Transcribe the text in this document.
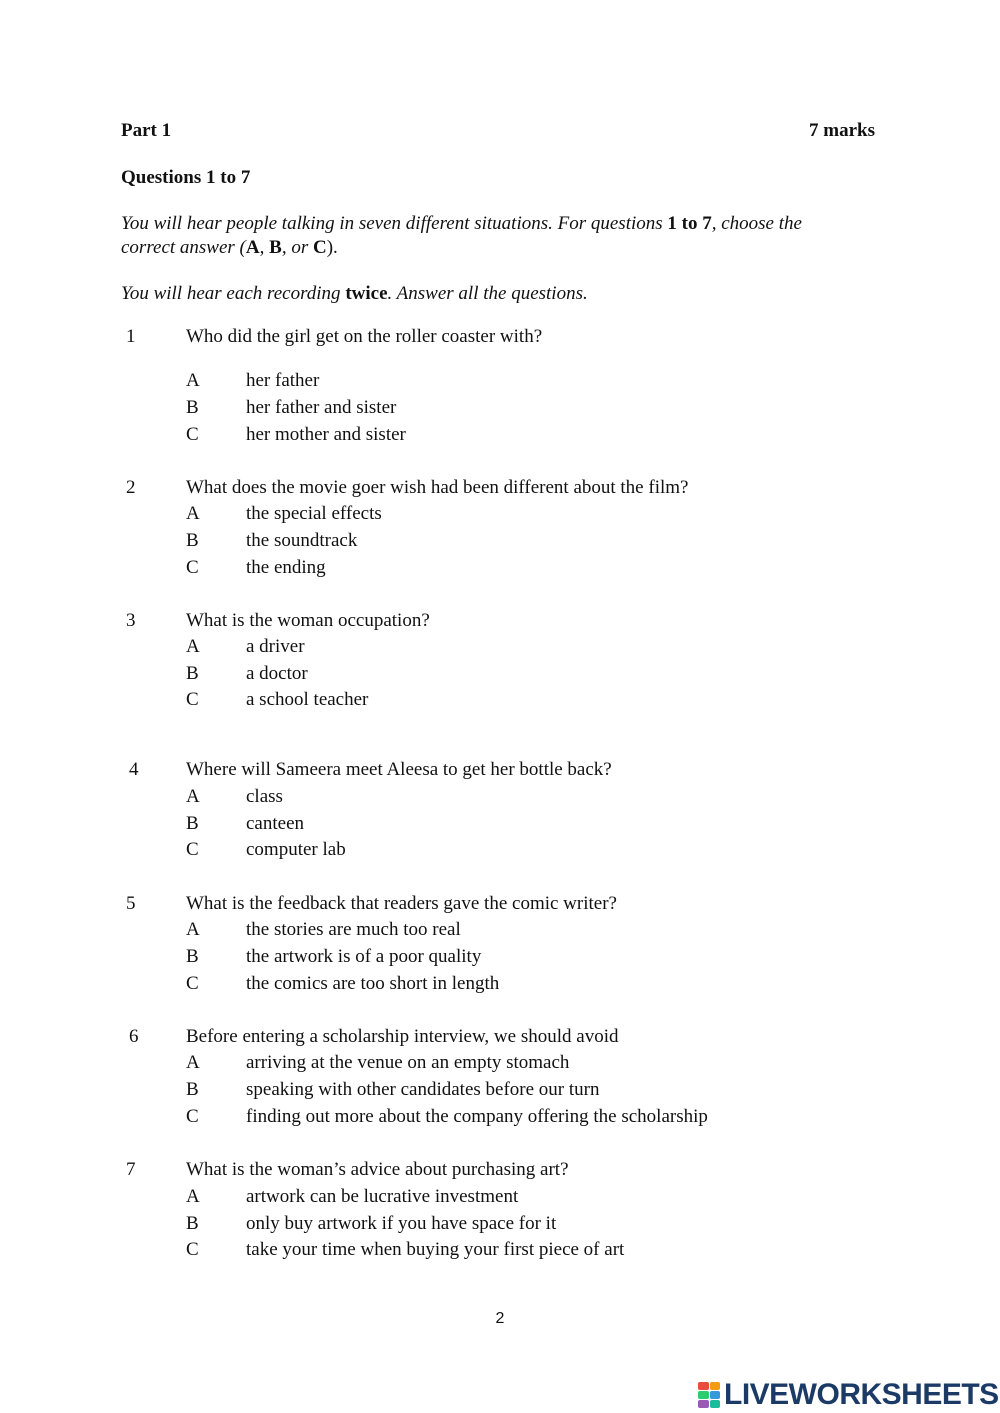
Part 1	7 marks
Questions 1 to 7
You will hear people talking in seven different situations. For questions 1 to 7, choose the
correct answer (A, B, or C).
You will hear each recording twice. Answer all the questions.
1	Who did the girl get on the roller coaster with?
A her father
B her father and sister
C her mother and sister
2	What does the movie goer wish had been different about the film?
A the special effects
B the soundtrack
C the ending
3	What is the woman occupation?
A a driver
B a doctor
C a school teacher
4	Where will Sameera meet Aleesa to get her bottle back?
A class
B canteen
C computer lab
5	What is the feedback that readers gave the comic writer?
A the stories are much too real
B the artwork is of a poor quality
C the comics are too short in length
6	Before entering a scholarship interview, we should avoid
A arriving at the venue on an empty stomach
B speaking with other candidates before our turn
C finding out more about the company offering the scholarship
7	What is the woman’s advice about purchasing art?
A artwork can be lucrative investment
B only buy artwork if you have space for it
C take your time when buying your first piece of art
2
LIVEWORKSHEETS
